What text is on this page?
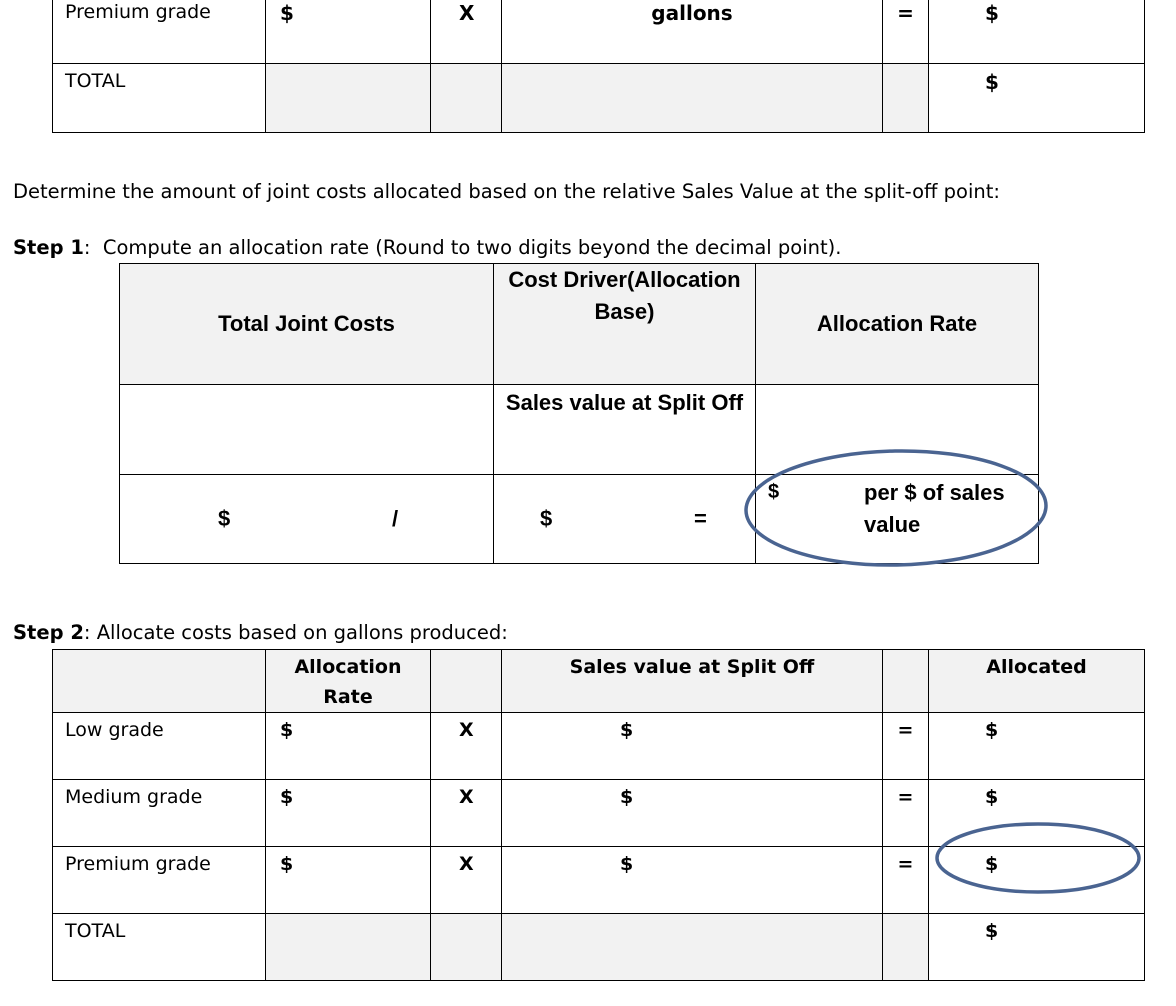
Premium grade	$	X	gallons	=	$
TOTAL					$
Determine the amount of joint costs allocated based on the relative Sales Value at the split-off point:
Step 1:  Compute an allocation rate (Round to two digits beyond the decimal point).
Total Joint Costs	Cost Driver(Allocation Base)	Allocation Rate
	Sales value at Split Off	

$ /	$ =	$ per $ of sales value
Step 2: Allocate costs based on gallons produced:
	Allocation Rate		Sales value at Split Off		Allocated
Low grade	$	X	$	=	$
Medium grade	$	X	$	=	$
Premium grade	$	X	$	=	$
TOTAL					$
